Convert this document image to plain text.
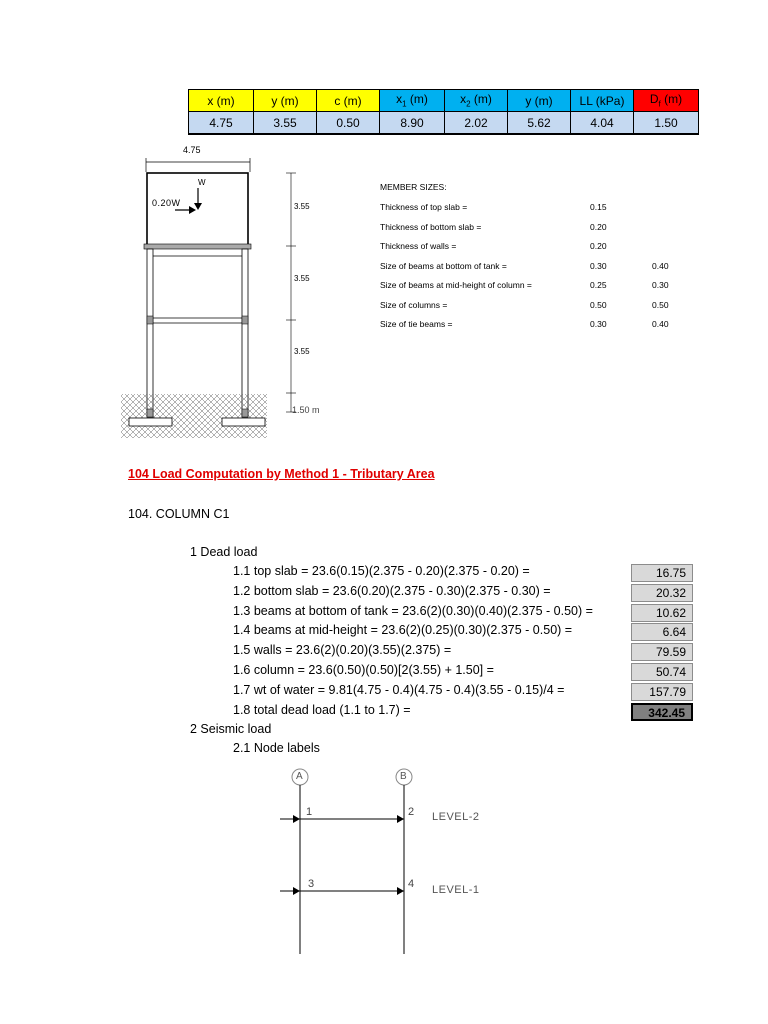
x (m)	y (m)	c (m)	$x_1$ (m)	$x_2$ (m)	y (m)	LL (kPa)	$D_f$ (m)
4.75	3.55	0.50	8.90	2.02	5.62	4.04	1.50
4.75
W
0.20W	3.55
3.55
3.55
1.50 m
MEMBER SIZES:
Thickness of top slab =	0.15
Thickness of bottom slab =	0.20
Thickness of walls =	0.20
Size of beams at bottom of tank =	0.30	0.40
Size of beams at mid-height of column =	0.25	0.30
Size of columns =	0.50	0.50
Size of tie beams =	0.30	0.40
104 Load Computation by Method 1 - Tributary Area
104. COLUMN C1
1 Dead load
1.1 top slab = 23.6(0.15)(2.375 - 0.20)(2.375 - 0.20) =	16.75
1.2 bottom slab = 23.6(0.20)(2.375 - 0.30)(2.375 - 0.30) =	20.32
1.3 beams at bottom of tank = 23.6(2)(0.30)(0.40)(2.375 - 0.50) =	10.62
1.4 beams at mid-height = 23.6(2)(0.25)(0.30)(2.375 - 0.50) =	6.64
1.5 walls = 23.6(2)(0.20)(3.55)(2.375) =	79.59
1.6 column = 23.6(0.50)(0.50)[2(3.55) + 1.50] =	50.74
1.7 wt of water = 9.81(4.75 - 0.4)(4.75 - 0.4)(3.55 - 0.15)/4 =	157.79
1.8 total dead load (1.1 to 1.7) =	342.45
2 Seismic load
2.1 Node labels
A	B
1	2
3	4
LEVEL-2
LEVEL-1
